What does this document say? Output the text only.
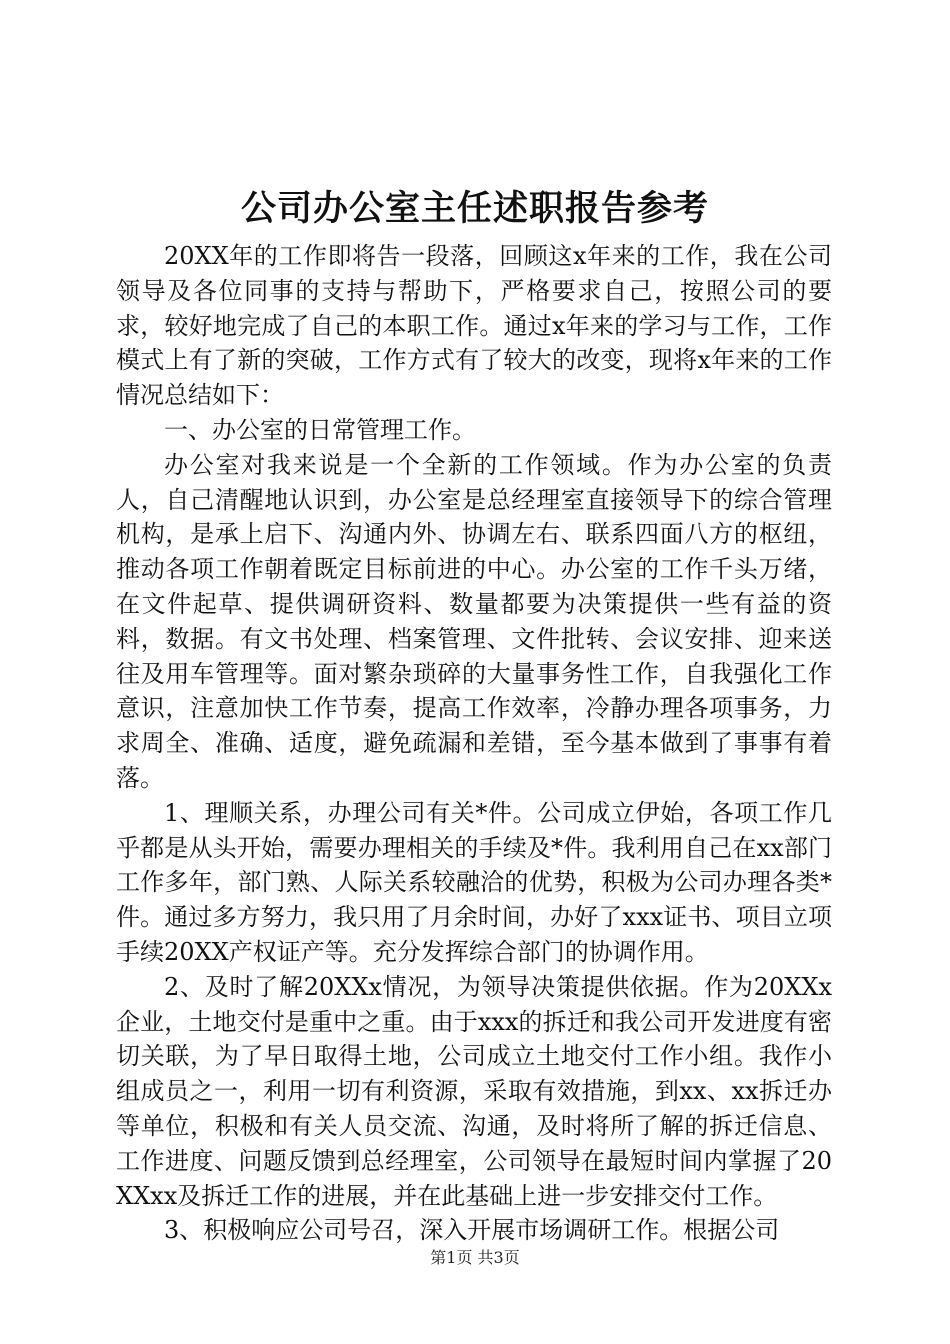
公司办公室主任述职报告参考

20XX年的工作即将告一段落，回顾这x年来的工作，我在公司领导及各位同事的支持与帮助下，严格要求自己，按照公司的要求，较好地完成了自己的本职工作。通过x年来的学习与工作，工作模式上有了新的突破，工作方式有了较大的改变，现将x年来的工作情况总结如下：

一、办公室的日常管理工作。

办公室对我来说是一个全新的工作领域。作为办公室的负责人，自己清醒地认识到，办公室是总经理室直接领导下的综合管理机构，是承上启下、沟通内外、协调左右、联系四面八方的枢纽，推动各项工作朝着既定目标前进的中心。办公室的工作千头万绪，在文件起草、提供调研资料、数量都要为决策提供一些有益的资料，数据。有文书处理、档案管理、文件批转、会议安排、迎来送往及用车管理等。面对繁杂琐碎的大量事务性工作，自我强化工作意识，注意加快工作节奏，提高工作效率，冷静办理各项事务，力求周全、准确、适度，避免疏漏和差错，至今基本做到了事事有着落。

1、理顺关系，办理公司有关*件。公司成立伊始，各项工作几乎都是从头开始，需要办理相关的手续及*件。我利用自己在xx部门工作多年，部门熟、人际关系较融洽的优势，积极为公司办理各类*件。通过多方努力，我只用了月余时间，办好了xxx证书、项目立项手续20XX产权证产等。充分发挥综合部门的协调作用。

2、及时了解20XXx情况，为领导决策提供依据。作为20XXx企业，土地交付是重中之重。由于xxx的拆迁和我公司开发进度有密切关联，为了早日取得土地，公司成立土地交付工作小组。我作小组成员之一，利用一切有利资源，采取有效措施，到xx、xx拆迁办等单位，积极和有关人员交流、沟通，及时将所了解的拆迁信息、工作进度、问题反馈到总经理室，公司领导在最短时间内掌握了20XXxx及拆迁工作的进展，并在此基础上进一步安排交付工作。

3、积极响应公司号召，深入开展市场调研工作。根据公司

第1页 共3页
